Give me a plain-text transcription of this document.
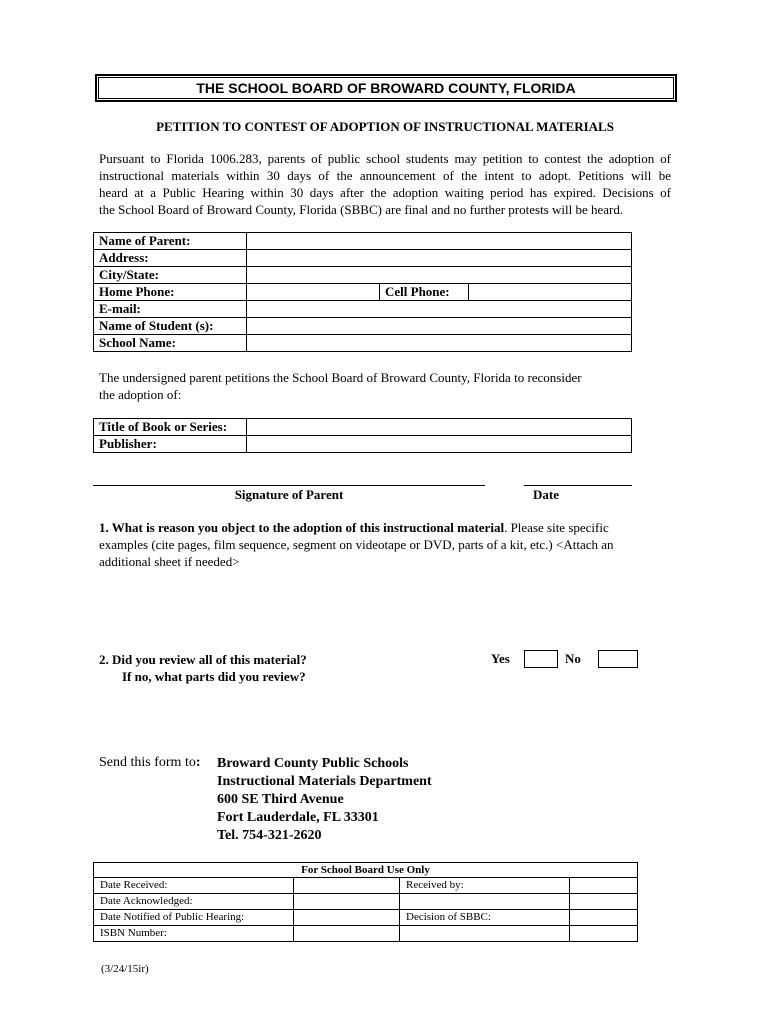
THE SCHOOL BOARD OF BROWARD COUNTY, FLORIDA
PETITION TO CONTEST OF ADOPTION OF INSTRUCTIONAL MATERIALS
Pursuant to Florida 1006.283, parents of public school students may petition to contest the adoption of
instructional materials within 30 days of the announcement of the intent to adopt. Petitions will be
heard at a Public Hearing within 30 days after the adoption waiting period has expired. Decisions of
the School Board of Broward County, Florida (SBBC) are final and no further protests will be heard.
Name of Parent:			
Address:			
City/State:			
Home Phone:		Cell Phone:	
E-mail:			
Name of Student (s):			
School Name:			
The undersigned parent petitions the School Board of Broward County, Florida to reconsider
the adoption of:
Title of Book or Series:	
Publisher:	
Signature of Parent	Date
1. What is reason you object to the adoption of this instructional material. Please site specific
examples (cite pages, film sequence, segment on videotape or DVD, parts of a kit, etc.) <Attach an
additional sheet if needed>
2. Did you review all of this material?
If no, what parts did you review?
Yes	No
Send this form to: Broward County Public Schools
Instructional Materials Department
600 SE Third Avenue
Fort Lauderdale, FL 33301
Tel. 754-321-2620
For School Board Use Only			
Date Received:		Received by:	
Date Acknowledged:			
Date Notified of Public Hearing:		Decision of SBBC:	
ISBN Number:			
(3/24/15ir)
